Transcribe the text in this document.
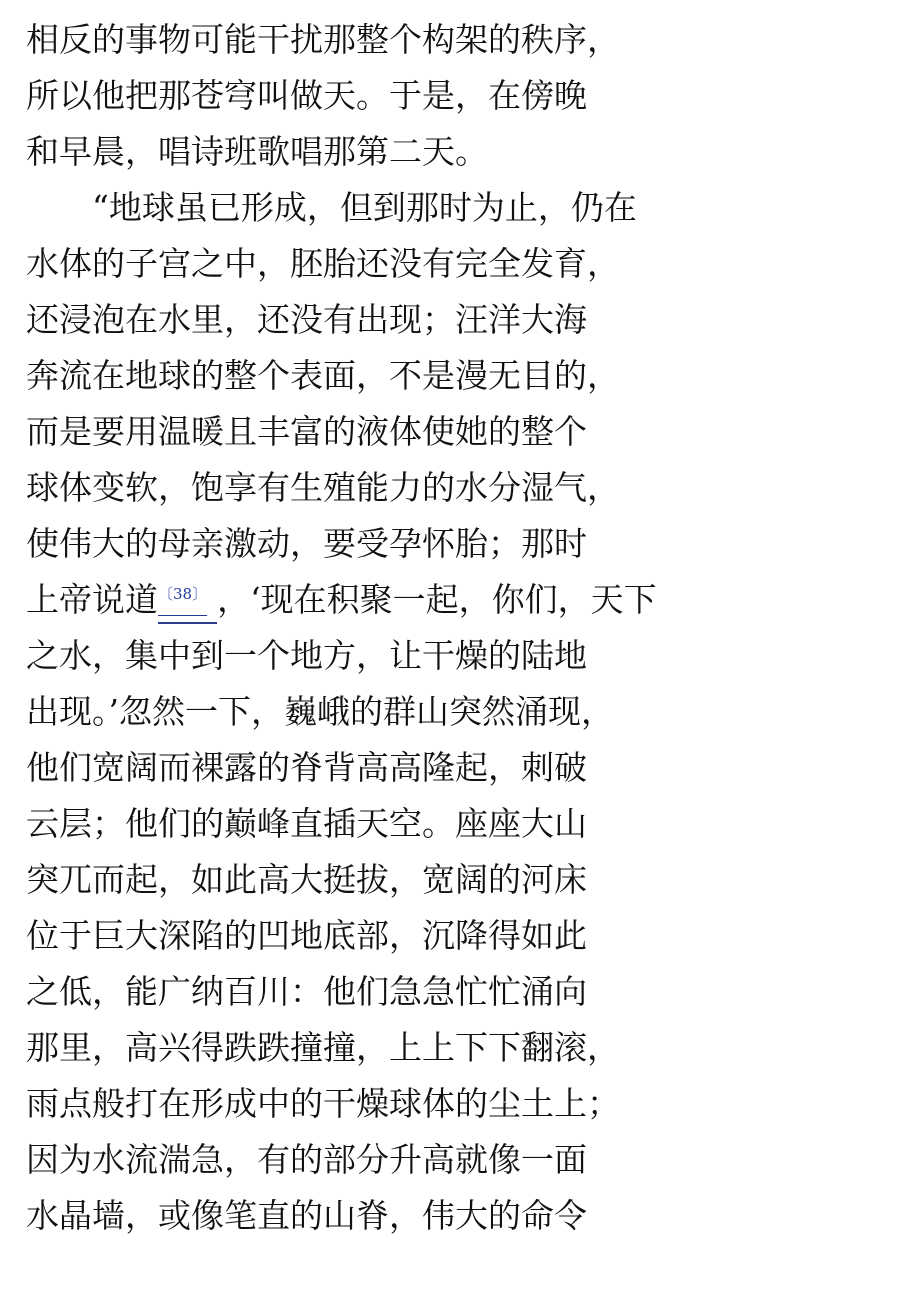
相反的事物可能干扰那整个构架的秩序，
所以他把那苍穹叫做天。于是，在傍晚
和早晨，唱诗班歌唱那第二天。
“地球虽已形成，但到那时为止，仍在
水体的子宫之中，胚胎还没有完全发育，
还浸泡在水里，还没有出现；汪洋大海
奔流在地球的整个表面，不是漫无目的，
而是要用温暖且丰富的液体使她的整个
球体变软，饱享有生殖能力的水分湿气，
使伟大的母亲激动，要受孕怀胎；那时
上帝说道$^{〔38〕}$ ，‘现在积聚一起，你们，天下
之水，集中到一个地方，让干燥的陆地
出现。’忽然一下，巍峨的群山突然涌现，
他们宽阔而裸露的脊背高高隆起，刺破
云层；他们的巅峰直插天空。座座大山
突兀而起，如此高大挺拔，宽阔的河床
位于巨大深陷的凹地底部，沉降得如此
之低，能广纳百川：他们急急忙忙涌向
那里，高兴得跌跌撞撞，上上下下翻滚，
雨点般打在形成中的干燥球体的尘土上；
因为水流湍急，有的部分升高就像一面
水晶墙，或像笔直的山脊，伟大的命令
